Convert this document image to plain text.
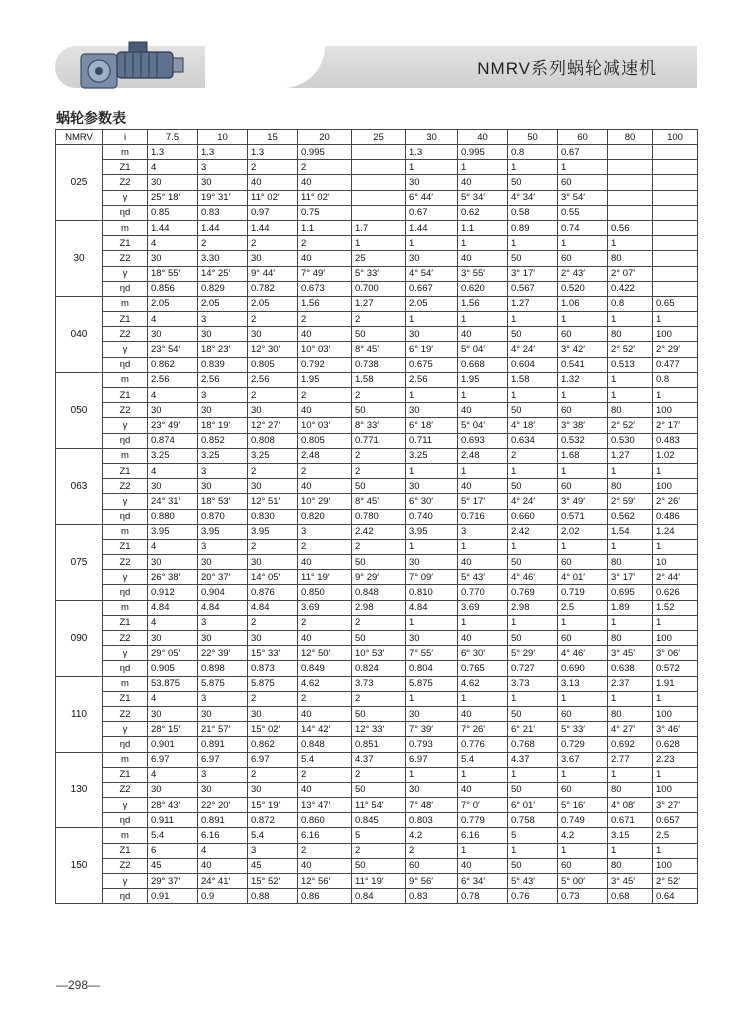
NMRV系列蜗轮减速机
蜗轮参数表
NMRV	i	7.5	10	15	20	25	30	40	50	60	80	100
025	m	1.3	1.3	1.3	0.995		1.3	0.995	0.8	0.67		
	Z1	4	3	2	2		1	1	1	1		
	Z2	30	30	40	40		30	40	50	60		
	γ	25° 18′	19° 31′	11° 02′	11° 02′		6° 44′	5° 34′	4° 34′	3° 54′		
	ηd	0.85	0.83	0.97	0.75		0.67	0.62	0.58	0.55		
30	m	1.44	1.44	1.44	1.1	1.7	1.44	1.1	0.89	0.74	0.56	
	Z1	4	2	2	2	1	1	1	1	1	1	
	Z2	30	3.30	30	40	25	30	40	50	60	80	
	γ	18° 55′	14° 25′	9° 44′	7° 49′	5° 33′	4° 54′	3° 55′	3° 17′	2° 43′	2° 07′	
	ηd	0.856	0.829	0.782	0.673	0.700	0.667	0.620	0.567	0.520	0.422	
040	m	2.05	2.05	2.05	1.56	1.27	2.05	1.56	1.27	1.06	0.8	0.65
	Z1	4	3	2	2	2	1	1	1	1	1	1
	Z2	30	30	30	40	50	30	40	50	60	80	100
	γ	23° 54′	18° 23′	12° 30′	10° 03′	8° 45′	6° 19′	5° 04′	4° 24′	3° 42′	2° 52′	2° 29′
	ηd	0.862	0.839	0.805	0.792	0.738	0.675	0.668	0.604	0.541	0.513	0.477
050	m	2.56	2.56	2.56	1.95	1.58	2.56	1.95	1.58	1.32	1	0.8
	Z1	4	3	2	2	2	1	1	1	1	1	1
	Z2	30	30	30	40	50	30	40	50	60	80	100
	γ	23° 49′	18° 19′	12° 27′	10° 03′	8° 33′	6° 18′	5° 04′	4° 18′	3° 38′	2° 52′	2° 17′
	ηd	0.874	0.852	0.808	0.805	0.771	0.711	0.693	0.634	0.532	0.530	0.483
063	m	3.25	3.25	3.25	2.48	2	3.25	2.48	2	1.68	1.27	1.02
	Z1	4	3	2	2	2	1	1	1	1	1	1
	Z2	30	30	30	40	50	30	40	50	60	80	100
	γ	24° 31′	18° 53′	12° 51′	10° 29′	8° 45′	6° 30′	5° 17′	4° 24′	3° 49′	2° 59′	2° 26′
	ηd	0.880	0.870	0.830	0.820	0.780	0.740	0.716	0.660	0.571	0.562	0.486
075	m	3.95	3.95	3.95	3	2.42	3.95	3	2.42	2.02	1.54	1.24
	Z1	4	3	2	2	2	1	1	1	1	1	1
	Z2	30	30	30	40	50	30	40	50	60	80	10
	γ	26° 38′	20° 37′	14° 05′	11° 19′	9° 29′	7° 09′	5° 43′	4° 46′	4° 01′	3° 17′	2° 44′
	ηd	0.912	0.904	0.876	0.850	0.848	0.810	0.770	0.769	0.719	0.695	0.626
090	m	4.84	4.84	4.84	3.69	2.98	4.84	3.69	2.98	2.5	1.89	1.52
	Z1	4	3	2	2	2	1	1	1	1	1	1
	Z2	30	30	30	40	50	30	40	50	60	80	100
	γ	29° 05′	22° 39′	15° 33′	12° 50′	10° 53′	7° 55′	6° 30′	5° 29′	4° 46′	3° 45′	3° 06′
	ηd	0.905	0.898	0.873	0.849	0.824	0.804	0.765	0.727	0.690	0.638	0.572
110	m	53.875	5.875	5.875	4.62	3.73	5.875	4.62	3.73	3.13	2.37	1.91
	Z1	4	3	2	2	2	1	1	1	1	1	1
	Z2	30	30	30	40	50	30	40	50	60	80	100
	γ	28° 15′	21° 57′	15° 02′	14° 42′	12° 33′	7° 39′	7° 26′	6° 21′	5° 33′	4° 27′	3° 46′
	ηd	0.901	0.891	0.862	0.848	0.851	0.793	0.776	0.768	0.729	0.692	0.628
130	m	6.97	6.97	6.97	5.4	4.37	6.97	5.4	4.37	3.67	2.77	2.23
	Z1	4	3	2	2	2	1	1	1	1	1	1
	Z2	30	30	30	40	50	30	40	50	60	80	100
	γ	28° 43′	22° 20′	15° 19′	13° 47′	11° 54′	7° 48′	7° 0′	6° 01′	5° 16′	4° 08′	3° 27′
	ηd	0.911	0.891	0.872	0.860	0.845	0.803	0.779	0.758	0.749	0.671	0.657
150	m	5.4	6.16	5.4	6.16	5	4.2	6.16	5	4.2	3.15	2.5
	Z1	6	4	3	2	2	2	1	1	1	1	1
	Z2	45	40	45	40	50	60	40	50	60	80	100
	γ	29° 37′	24° 41′	15° 52′	12° 56′	11° 19′	9° 56′	6° 34′	5° 43′	5° 00′	3° 45′	2° 52′
	ηd	0.91	0.9	0.88	0.86	0.84	0.83	0.78	0.76	0.73	0.68	0.64
—298—
